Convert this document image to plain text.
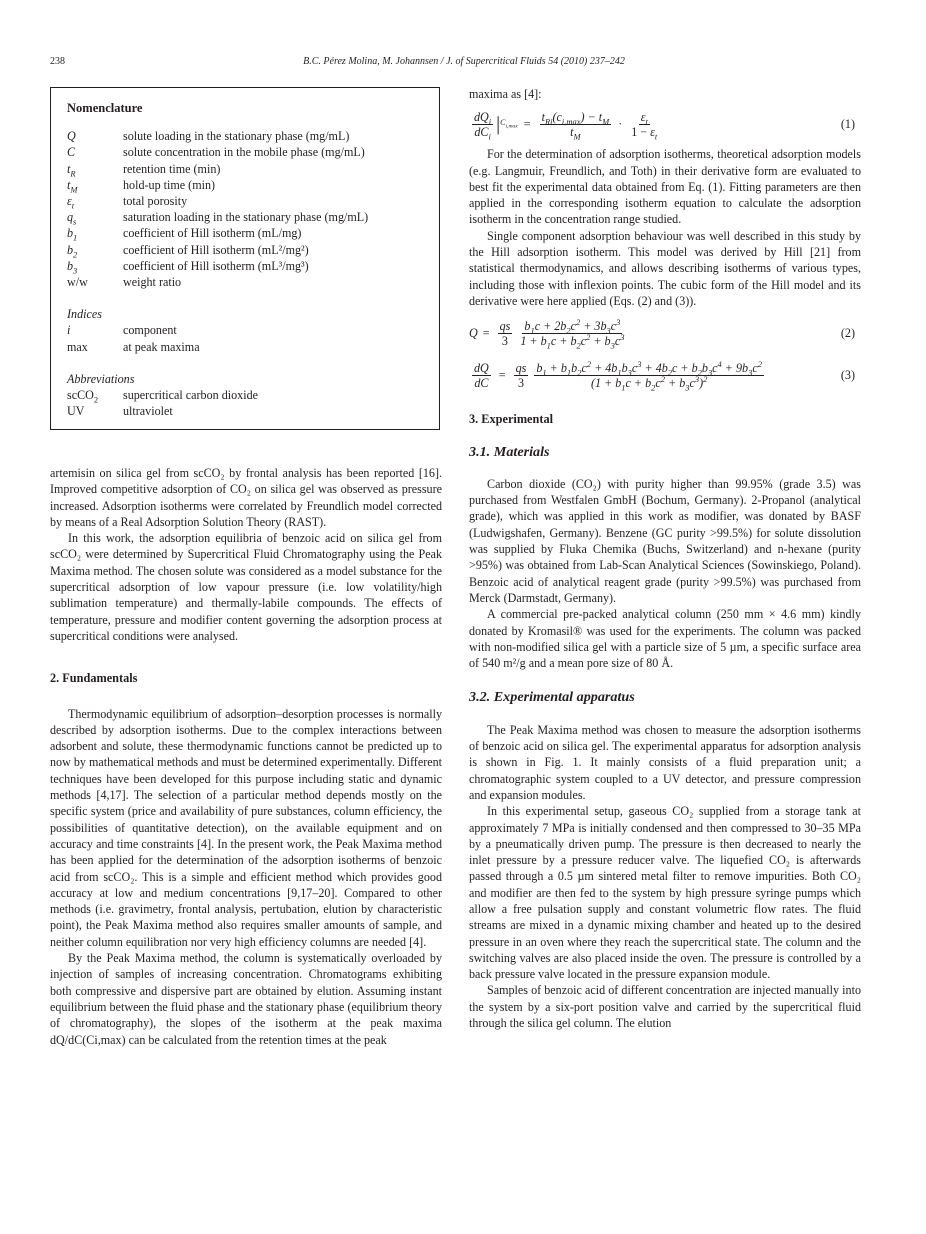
238	B.C. Pérez Molina, M. Johannsen / J. of Supercritical Fluids 54 (2010) 237–242
Nomenclature
Q	solute loading in the stationary phase (mg/mL)
C	solute concentration in the mobile phase (mg/mL)
$t_R$	retention time (min)
$t_M$	hold-up time (min)
$\varepsilon_t$	total porosity
$q_s$	saturation loading in the stationary phase (mg/mL)
$b_1$	coefficient of Hill isotherm (mL/mg)
$b_2$	coefficient of Hill isotherm (mL²/mg²)
$b_3$	coefficient of Hill isotherm (mL³/mg³)
w/w	weight ratio
Indices
i	component
max	at peak maxima
Abbreviations
scCO$_2$	supercritical carbon dioxide
UV	ultraviolet

artemisin on silica gel from scCO₂ by frontal analysis has been reported [16]. Improved competitive adsorption of CO₂ on silica gel was observed as pressure increased. Adsorption isotherms were correlated by Freundlich model corrected by means of a Real Adsorption Solution Theory (RAST).

In this work, the adsorption equilibria of benzoic acid on silica gel from scCO₂ were determined by Supercritical Fluid Chromatography using the Peak Maxima method. The chosen solute was considered as a model substance for the supercritical adsorption of low vapour pressure (i.e. low volatility/high sublimation temperature) and thermally-labile compounds. The effects of temperature, pressure and modifier content governing the adsorption process at supercritical conditions were analysed.

2. Fundamentals

Thermodynamic equilibrium of adsorption–desorption processes is normally described by adsorption isotherms. Due to the complex interactions between adsorbent and solute, these thermodynamic functions cannot be predicted up to now by mathematical methods and must be determined experimentally. Different techniques have been developed for this purpose including static and dynamic methods [4,17]. The selection of a particular method depends mostly on the specific system (price and availability of pure substances, column efficiency, the possibilities of quantitative detection), on the available equipment and on accuracy and time constraints [4]. In the present work, the Peak Maxima method has been applied for the determination of the adsorption isotherms of benzoic acid from scCO₂. This is a simple and efficient method which provides good accuracy at low and medium concentrations [9,17–20]. Compared to other methods (i.e. gravimetry, frontal analysis, pertubation, elution by characteristic point), the Peak Maxima method also requires smaller amounts of sample, and neither column equilibration nor very high efficiency columns are needed [4].

By the Peak Maxima method, the column is systematically overloaded by injection of samples of increasing concentration. Chromatograms exhibiting both compressive and dispersive part are obtained by elution. Assuming instant equilibrium between the fluid phase and the stationary phase (equilibrium theory of chromatography), the slopes of the isotherm at the peak maxima dQ/dC(Ci,max) can be calculated from the retention times at the peak

maxima as [4]:

$\frac{dQ_i}{dC_i}$ | $C_{i,max} = \frac{t_{Ri}(c_{i,max}) - t_M}{t_M} \cdot \frac{\varepsilon_t}{1 - \varepsilon_t}$	(1)

For the determination of adsorption isotherms, theoretical adsorption models (e.g. Langmuir, Freundlich, and Toth) in their derivative form are evaluated to best fit the experimental data obtained from Eq. (1). Fitting parameters are then applied in the corresponding isotherm equation to calculate the adsorption isotherm in the concentration range studied.

Single component adsorption behaviour was well described in this study by the Hill adsorption isotherm. This model was derived by Hill [21] from statistical thermodynamics, and allows describing isotherms of various types, including those with inflexion points. The cubic form of the Hill model and its derivative were here applied (Eqs. (2) and (3)).

$Q = \frac{qs}{3} \frac{b_1c + 2b_2c^2 + 3b_3c^3}{1 + b_1c + b_2c^2 + b_3c^3}$	(2)
$\frac{dQ}{dC} = \frac{qs}{3} \frac{b_1 + b_1b_2c^2 + 4b_1b_3c^3 + 4b_2c + b_2b_3c^4 + 9b_3c^2}{(1 + b_1c + b_2c^2 + b_3c^3)^2}$	(3)
3. Experimental
3.1. Materials

Carbon dioxide (CO₂) with purity higher than 99.95% (grade 3.5) was purchased from Westfalen GmbH (Bochum, Germany). 2-Propanol (analytical grade), which was applied in this work as modifier, was donated by BASF (Ludwigshafen, Germany). Benzene (GC purity >99.5%) for solute dissolution was supplied by Fluka Chemika (Buchs, Switzerland) and n-hexane (purity >95%) was obtained from Lab-Scan Analytical Sciences (Sowinskiego, Poland). Benzoic acid of analytical reagent grade (purity >99.5%) was purchased from Merck (Darmstadt, Germany).

A commercial pre-packed analytical column (250 mm × 4.6 mm) kindly donated by Kromasil® was used for the experiments. The column was packed with non-modified silica gel with a particle size of 5 µm, a specific surface area of 540 m²/g and a mean pore size of 80 Å.

3.2. Experimental apparatus

The Peak Maxima method was chosen to measure the adsorption isotherms of benzoic acid on silica gel. The experimental apparatus for adsorption analysis is shown in Fig. 1. It mainly consists of a fluid preparation unit; a chromatographic system coupled to a UV detector, and pressure compression and expansion modules.

In this experimental setup, gaseous CO₂ supplied from a storage tank at approximately 7 MPa is initially condensed and then compressed to 30–35 MPa by a pneumatically driven pump. The pressure is then decreased to nearly the inlet pressure by a pressure reducer valve. The liquefied CO₂ is afterwards passed through a 0.5 µm sintered metal filter to remove impurities. Both CO₂ and modifier are then fed to the system by high pressure syringe pumps which allow a free pulsation supply and constant volumetric flow rates. The fluid streams are mixed in a dynamic mixing chamber and heated up to the desired pressure in an oven where they reach the supercritical state. The column and the switching valves are also placed inside the oven. The pressure is controlled by a back pressure valve located in the pressure expansion module.

Samples of benzoic acid of different concentration are injected manually into the system by a six-port position valve and carried by the supercritical fluid through the silica gel column. The elution
